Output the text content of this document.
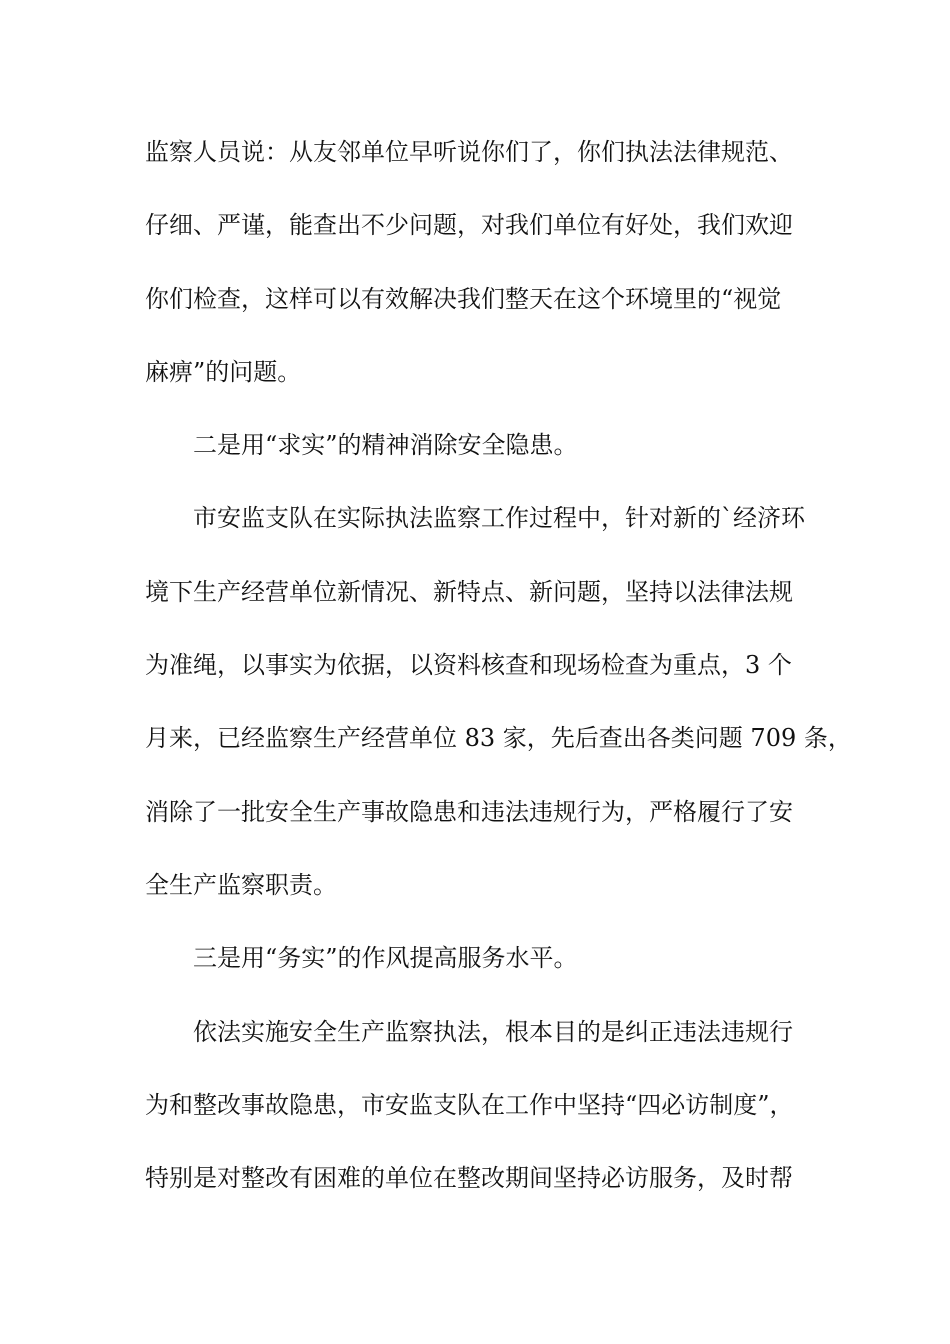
监察人员说：从友邻单位早听说你们了，你们执法法律规范、
仔细、严谨，能查出不少问题，对我们单位有好处，我们欢迎
你们检查，这样可以有效解决我们整天在这个环境里的“视觉
麻痹”的问题。
二是用“求实”的精神消除安全隐患。
市安监支队在实际执法监察工作过程中，针对新的`经济环
境下生产经营单位新情况、新特点、新问题，坚持以法律法规
为准绳，以事实为依据，以资料核查和现场检查为重点，3 个
月来，已经监察生产经营单位 83 家，先后查出各类问题 709 条，
消除了一批安全生产事故隐患和违法违规行为，严格履行了安
全生产监察职责。
三是用“务实”的作风提高服务水平。
依法实施安全生产监察执法，根本目的是纠正违法违规行
为和整改事故隐患，市安监支队在工作中坚持“四必访制度”，
特别是对整改有困难的单位在整改期间坚持必访服务，及时帮
